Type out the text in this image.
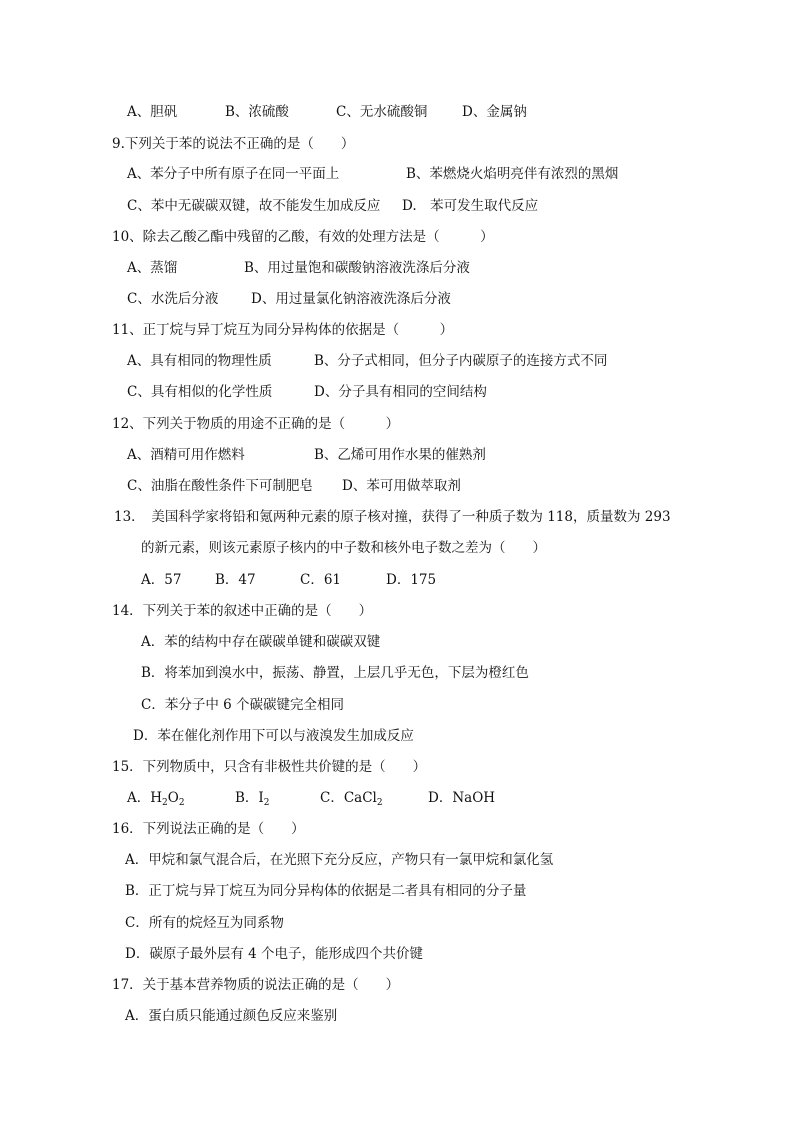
A、胆矾

	B、浓硫酸

	C、无水硫酸铜

	D、金属钠

9.下列关于苯的说法不正确的是（　　）

A、苯分子中所有原子在同一平面上

	B、苯燃烧火焰明亮伴有浓烈的黑烟

C、苯中无碳碳双键，故不能发生加成反应

D.　苯可发生取代反应

10、除去乙酸乙酯中残留的乙酸，有效的处理方法是（　　　）

A、蒸馏

	B、用过量饱和碳酸钠溶液洗涤后分液

C、水洗后分液

D、用过量氯化钠溶液洗涤后分液

11、正丁烷与异丁烷互为同分异构体的依据是（　　　）

A、具有相同的物理性质

	B、分子式相同，但分子内碳原子的连接方式不同

C、具有相似的化学性质

	D、分子具有相同的空间结构

12、下列关于物质的用途不正确的是（　　　）

A、酒精可用作燃料

	B、乙烯可用作水果的催熟剂

C、油脂在酸性条件下可制肥皂

D、苯可用做萃取剂

13．　美国科学家将铅和氪两种元素的原子核对撞，获得了一种质子数为 118，质量数为 293
的新元素，则该元素原子核内的中子数和核外电子数之差为（　　）

A．57

B．47

	C．61

	D．175

14．下列关于苯的叙述中正确的是（　　）
A．苯的结构中存在碳碳单键和碳碳双键
B．将苯加到溴水中，振荡、静置，上层几乎无色，下层为橙红色
C．苯分子中 6 个碳碳键完全相同
D．苯在催化剂作用下可以与液溴发生加成反应
15．下列物质中，只含有非极性共价键的是（　　）

A．$H_2O_2$

	B．$I_2$

	C．CaCl$_2$

	D．NaOH

16．下列说法正确的是（　　）
A．甲烷和氯气混合后，在光照下充分反应，产物只有一氯甲烷和氯化氢
B．正丁烷与异丁烷互为同分异构体的依据是二者具有相同的分子量
C．所有的烷烃互为同系物
D．碳原子最外层有 4 个电子，能形成四个共价键
17．关于基本营养物质的说法正确的是（　　）
A．蛋白质只能通过颜色反应来鉴别
